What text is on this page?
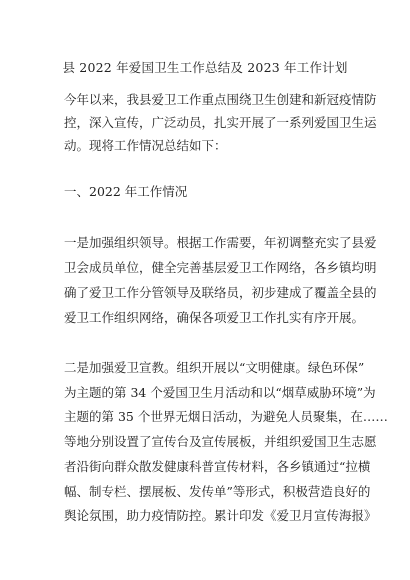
县 2022 年爱国卫生工作总结及 2023 年工作计划
今年以来，我县爱卫工作重点围绕卫生创建和新冠疫情防
控，深入宣传，广泛动员，扎实开展了一系列爱国卫生运
动。现将工作情况总结如下：
一、2022 年工作情况
一是加强组织领导。根据工作需要，年初调整充实了县爱
卫会成员单位，健全完善基层爱卫工作网络，各乡镇均明
确了爱卫工作分管领导及联络员，初步建成了覆盖全县的
爱卫工作组织网络，确保各项爱卫工作扎实有序开展。
二是加强爱卫宣教。组织开展以“文明健康。绿色环保”
为主题的第 34 个爱国卫生月活动和以“烟草威胁环境”为
主题的第 35 个世界无烟日活动，为避免人员聚集，在……
等地分别设置了宣传台及宣传展板，并组织爱国卫生志愿
者沿街向群众散发健康科普宣传材料，各乡镇通过“拉横
幅、制专栏、摆展板、发传单”等形式，积极营造良好的
舆论氛围，助力疫情防控。累计印发《爱卫月宣传海报》
